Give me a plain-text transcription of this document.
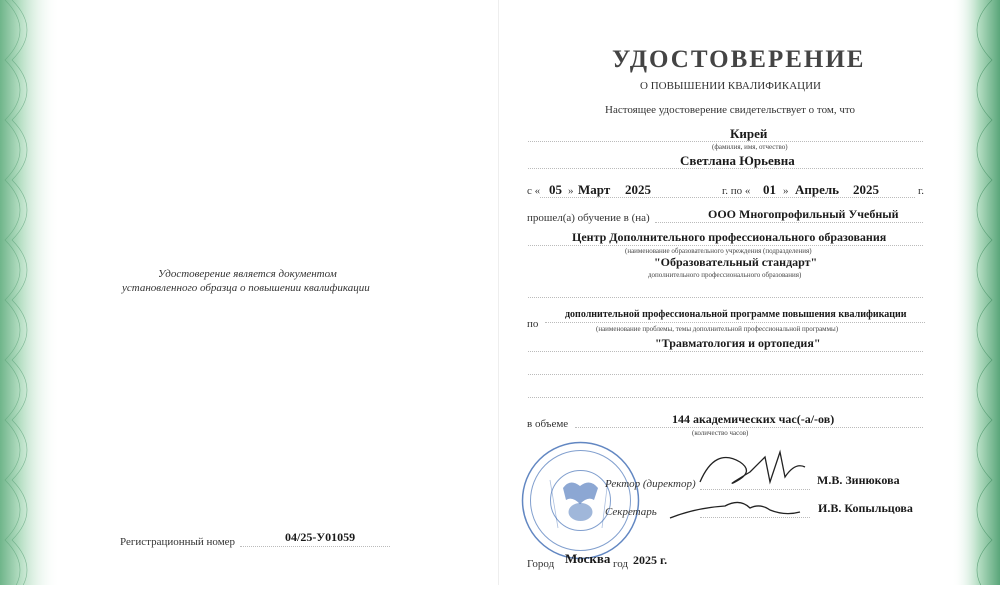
Удостоверение является документом
установленного образца о повышении квалификации
Регистрационный номер	04/25-У01059
УДОСТОВЕРЕНИЕ
О ПОВЫШЕНИИ КВАЛИФИКАЦИИ
Настоящее удостоверение свидетельствует о том, что
Кирей
(фамилия, имя, отчество)
Светлана Юрьевна
с « 05 » Март 2025	г. по « 01 » Апрель 2025	г.
прошел(а) обучение в (на)	ООО Многопрофильный Учебный
Центр Дополнительного профессионального образования
(наименование образовательного учреждения (подразделения)
"Образовательный стандарт"
дополнительного профессионального образования)
по
дополнительной профессиональной программе повышения квалификации
(наименование проблемы, темы дополнительной профессиональной программы)
"Травматология и ортопедия"
в объеме	144 академических час(-а/-ов)
(количество часов)
Ректор (директор)	М.В. Зинюкова
Секретарь	И.В. Копыльцова
Город Москва год 2025 г.
